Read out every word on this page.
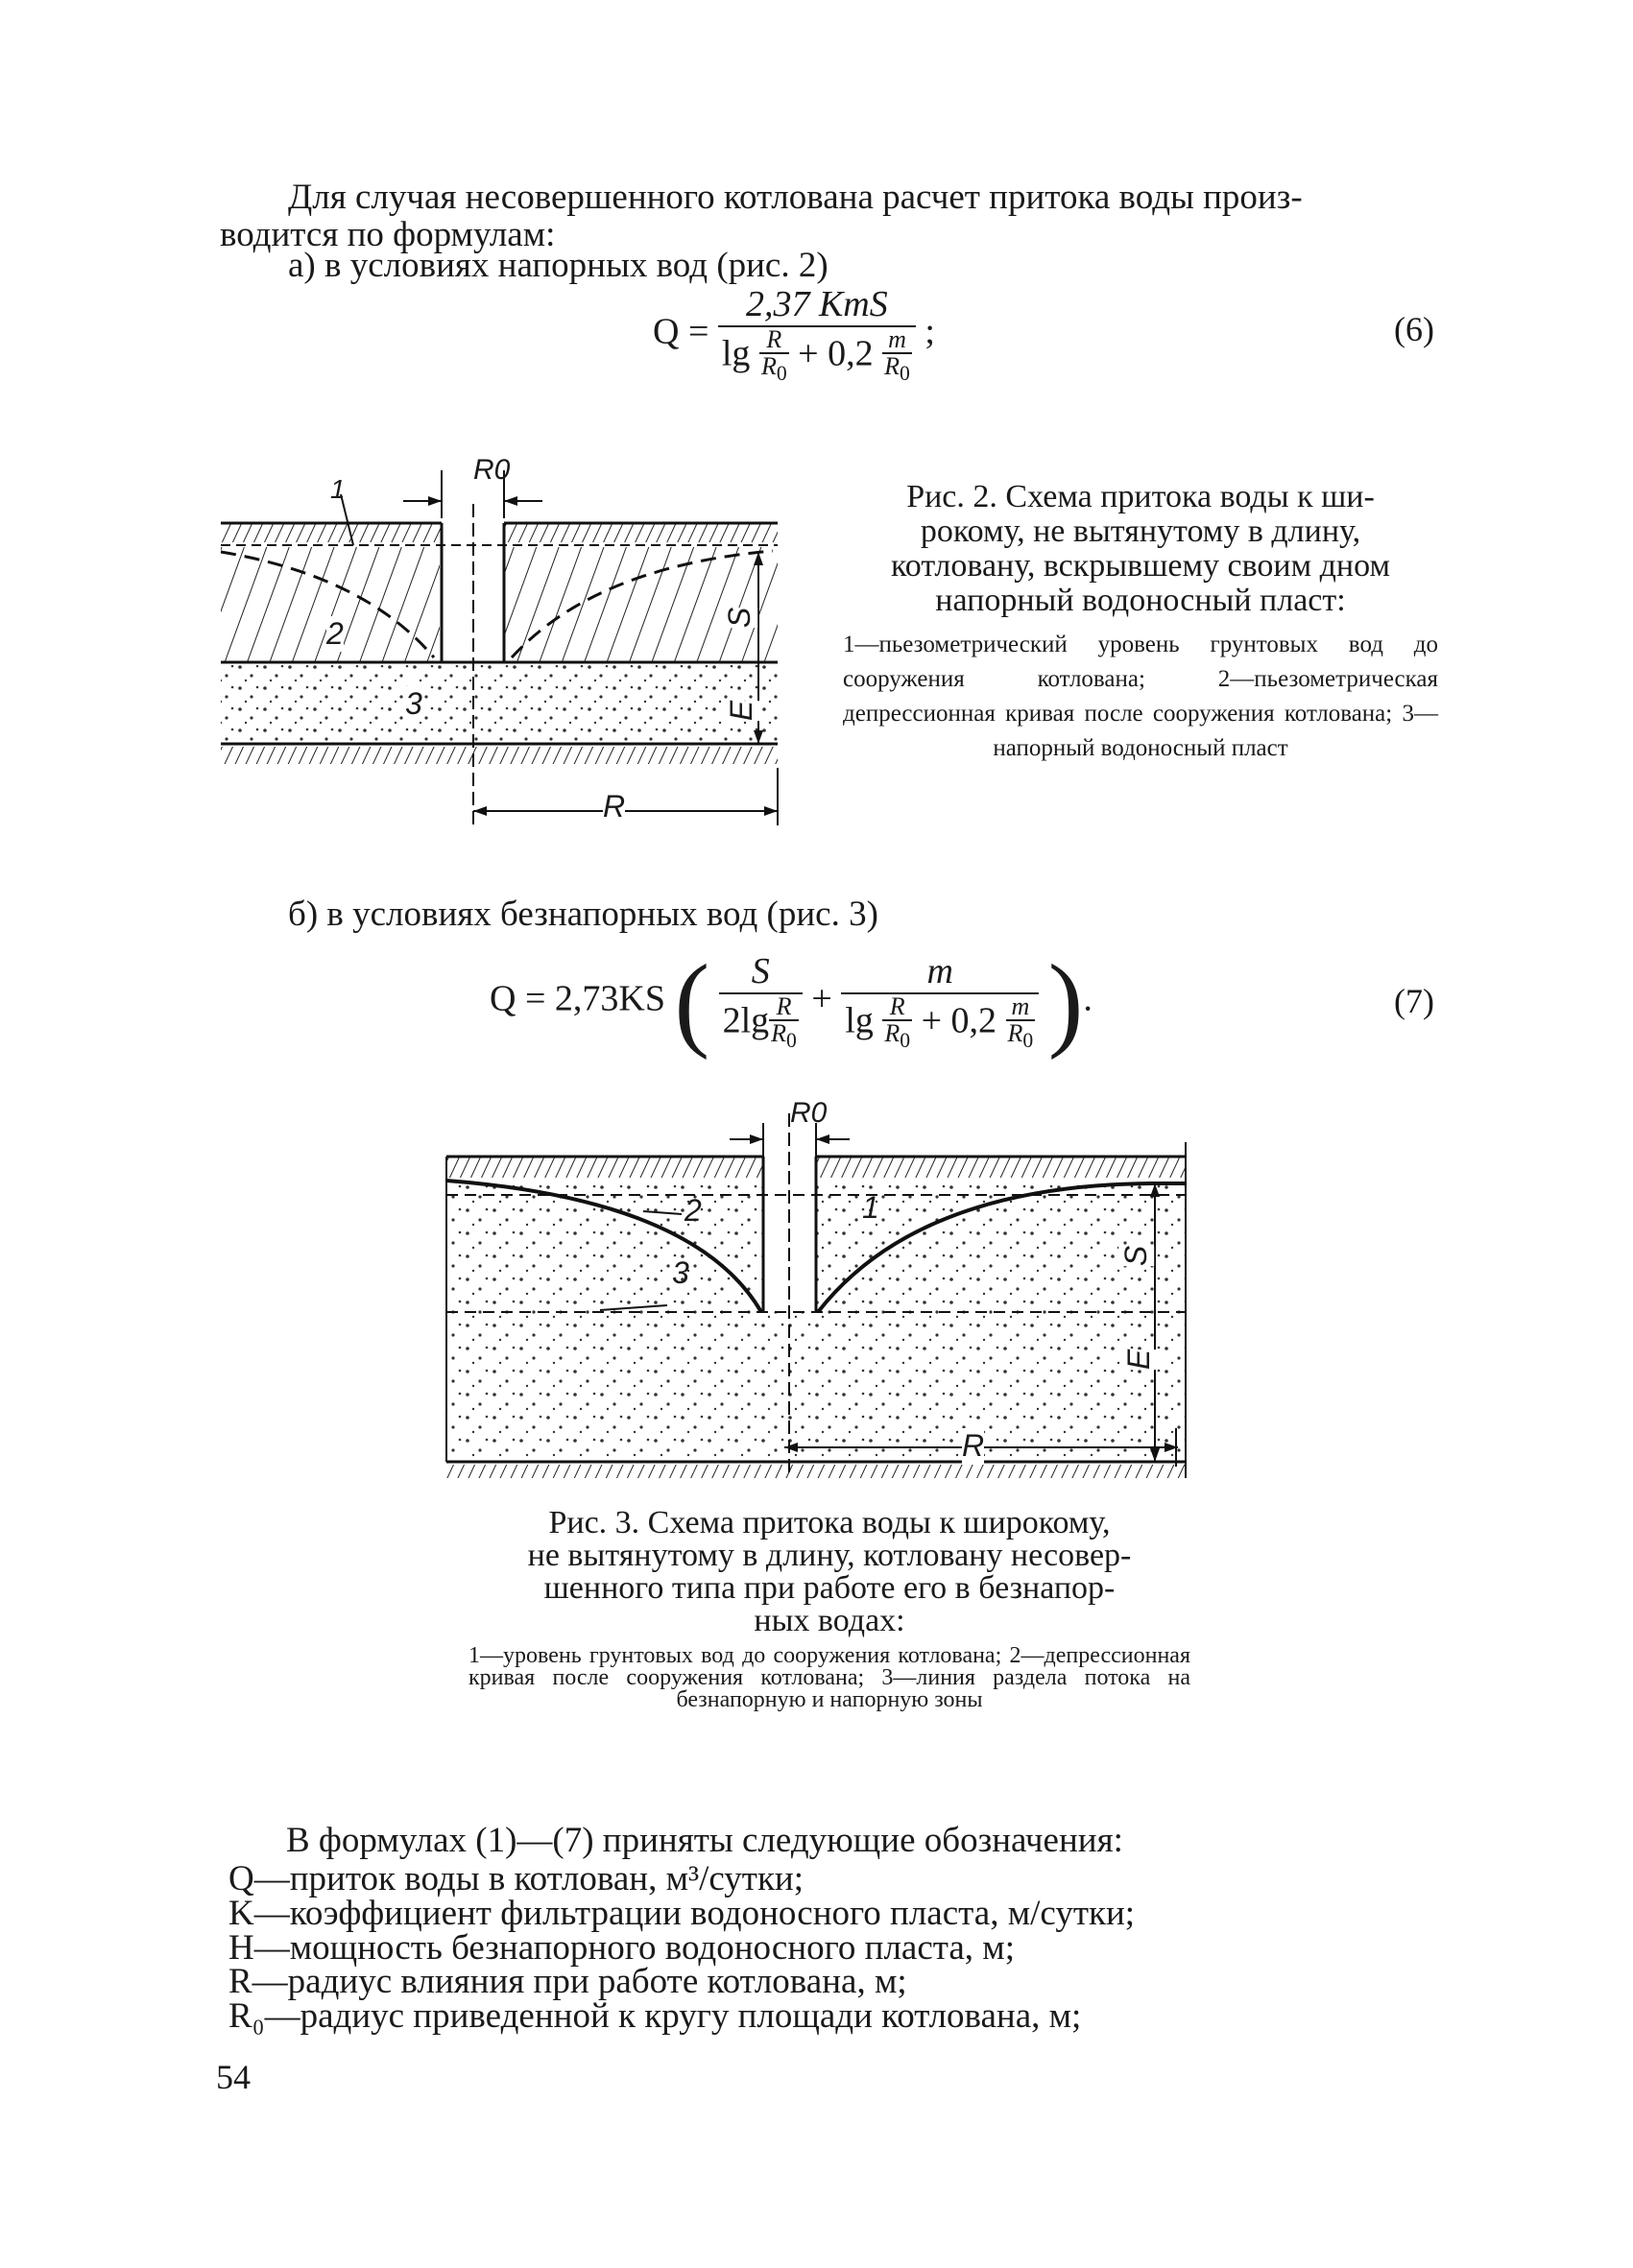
Для случая несовершенного котлована расчет притока воды произ-
водится по формулам:
а) в условиях напорных вод (рис. 2)
$Q = \frac{\text{2,37 KmS}}{\lg \frac{R}{R_0} + 0,2 \frac{m}{R_0}}$ ;	(6)
R0
1
2
3
S
E
R
Рис. 2. Схема притока воды к ши-
рокому, не вытянутому в длину,
котловану, вскрывшему своим дном
напорный водоносный пласт:
1—пьезометрический уровень грунтовых вод до сооружения котлована; 2—пьезометрическая депрессионная кривая после сооружения котлована; 3—напорный водоносный пласт
б) в условиях безнапорных вод (рис. 3)
Q = 2,73KS ( $\frac{S}{2\lg \frac{R}{R_0}} + \frac{m}{\lg \frac{R}{R_0} + 0,2 \frac{m}{R_0}}$ ).	(7)
R0
2	1
3	S
E
R
Рис. 3. Схема притока воды к широкому,
не вытянутому в длину, котловану несовер-
шенного типа при работе его в безнапор-
ных водах:
1—уровень грунтовых вод до сооружения котлована; 2—депрессионная кривая после сооружения котлована; 3—линия раздела потока на безнапорную и напорную зоны
В формулах (1)—(7) приняты следующие обозначения:
Q—приток воды в котлован, м³/сутки;
K—коэффициент фильтрации водоносного пласта, м/сутки;
H—мощность безнапорного водоносного пласта, м;
R—радиус влияния при работе котлована, м;
R₀—радиус приведенной к кругу площади котлована, м;
54
